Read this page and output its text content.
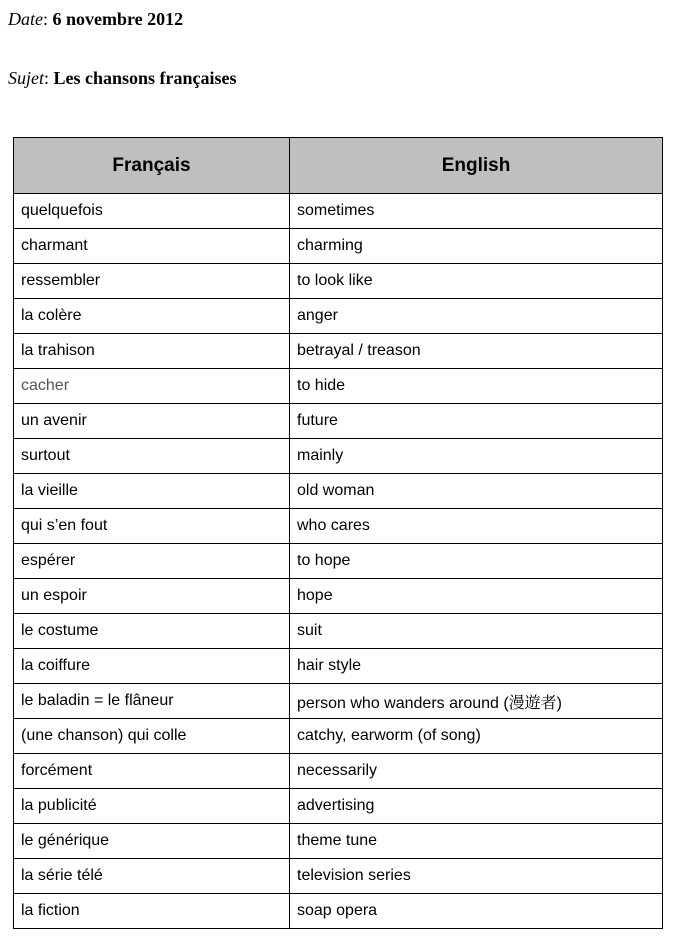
Date: 6 novembre 2012
Sujet: Les chansons françaises
Français	English
quelquefois	sometimes
charmant	charming
ressembler	to look like
la colère	anger
la trahison	betrayal / treason
cacher	to hide
un avenir	future
surtout	mainly
la vieille	old woman
qui s’en fout	who cares
espérer	to hope
un espoir	hope
le costume	suit
la coiffure	hair style
le baladin = le flâneur	person who wanders around (漫遊者)
(une chanson) qui colle	catchy, earworm (of song)
forcément	necessarily
la publicité	advertising
le générique	theme tune
la série télé	television series
la fiction	soap opera
